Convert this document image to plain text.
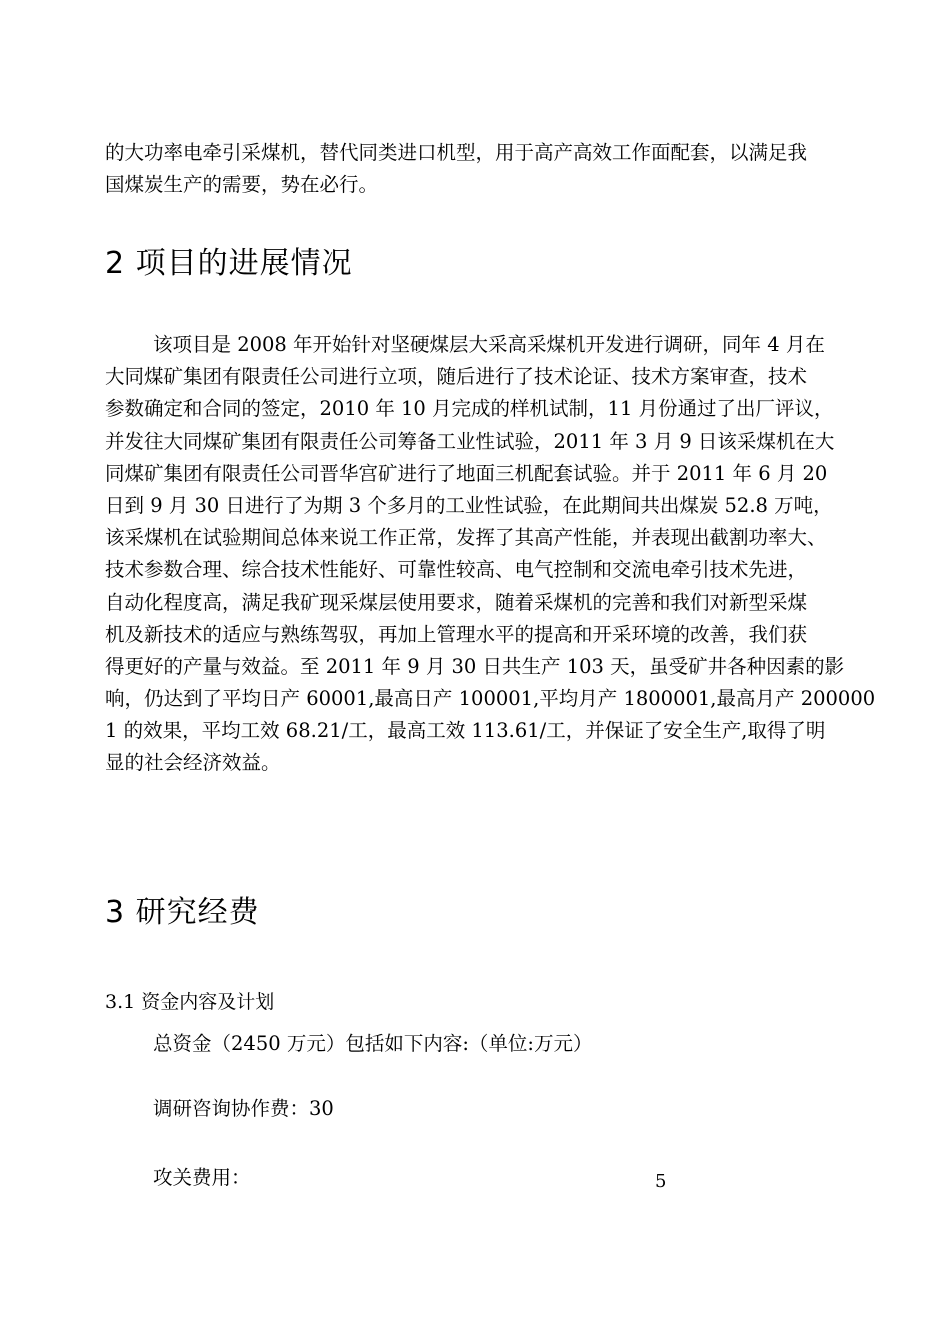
的大功率电牵引采煤机，替代同类进口机型，用于高产高效工作面配套，以满足我
国煤炭生产的需要，势在必行。
2 项目的进展情况
该项目是 2008 年开始针对坚硬煤层大采高采煤机开发进行调研，同年 4 月在
大同煤矿集团有限责任公司进行立项，随后进行了技术论证、技术方案审查，技术
参数确定和合同的签定，2010 年 10 月完成的样机试制，11 月份通过了出厂评议，
并发往大同煤矿集团有限责任公司筹备工业性试验，2011 年 3 月 9 日该采煤机在大
同煤矿集团有限责任公司晋华宫矿进行了地面三机配套试验。并于 2011 年 6 月 20
日到 9 月 30 日进行了为期 3 个多月的工业性试验，在此期间共出煤炭 52.8 万吨，
该采煤机在试验期间总体来说工作正常，发挥了其高产性能，并表现出截割功率大、
技术参数合理、综合技术性能好、可靠性较高、电气控制和交流电牵引技术先进，
自动化程度高，满足我矿现采煤层使用要求，随着采煤机的完善和我们对新型采煤
机及新技术的适应与熟练驾驭，再加上管理水平的提高和开采环境的改善，我们获
得更好的产量与效益。至 2011 年 9 月 30 日共生产 103 天，虽受矿井各种因素的影
响，仍达到了平均日产 60001,最高日产 100001,平均月产 1800001,最高月产 200000
1 的效果，平均工效 68.21/工，最高工效 113.61/工，并保证了安全生产,取得了明
显的社会经济效益。
3 研究经费
3.1 资金内容及计划

总资金（2450 万元）包括如下内容:（单位:万元）

调研咨询协作费：30

攻关费用：	5
